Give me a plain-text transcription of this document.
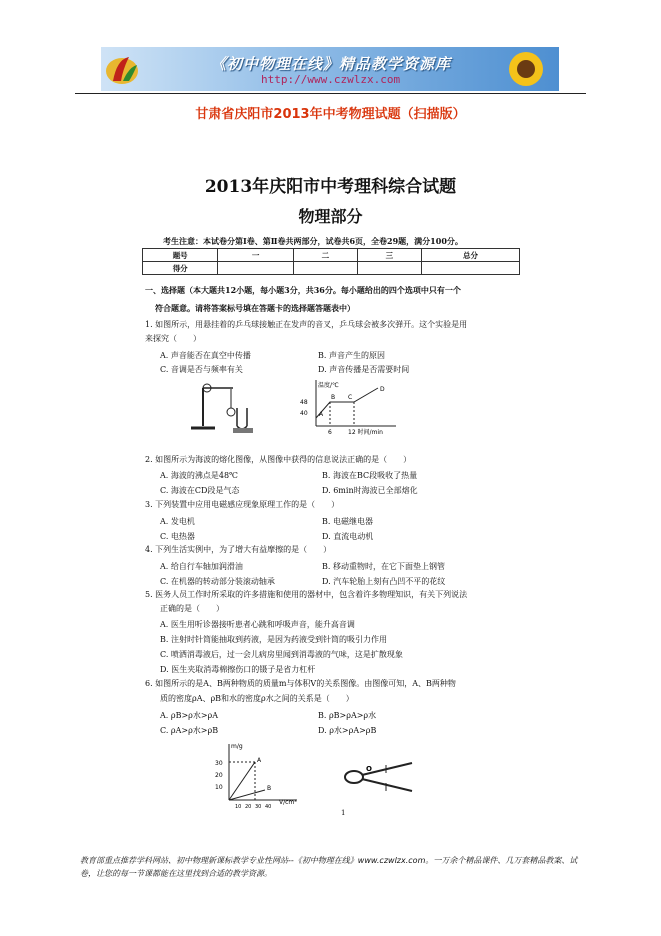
《初中物理在线》精品教学资源库
http://www.czwlzx.com
甘肃省庆阳市2013年中考物理试题（扫描版）
2013年庆阳市中考理科综合试题
物理部分
考生注意：本试卷分第Ⅰ卷、第Ⅱ卷共两部分，试卷共6页，全卷29题，满分100分。
题号	一	二	三	总分
得分				
一、选择题（本大题共12小题，每小题3分，共36分。每小题给出的四个选项中只有一个
符合题意。请将答案标号填在答题卡的选择题答题表中）
1. 如图所示，用悬挂着的乒乓球接触正在发声的音叉，乒乓球会被多次弹开。这个实验是用
来探究（　　）
A. 声音能否在真空中传播	B. 声音产生的原因
C. 音调是否与频率有关	D. 声音传播是否需要时间
温度/℃
48
40 A
B C
D
6	12 时间/min
2. 如图所示为海波的熔化图像，从图像中获得的信息说法正确的是（　　）
A. 海波的沸点是48℃	B. 海波在BC段吸收了热量
C. 海波在CD段是气态	D. 6min时海波已全部熔化
3. 下列装置中应用电磁感应现象原理工作的是（　　）
A. 发电机	B. 电磁继电器
C. 电热器	D. 直流电动机
4. 下列生活实例中，为了增大有益摩擦的是（　　）
A. 给自行车轴加润滑油	B. 移动重物时，在它下面垫上钢管
C. 在机器的转动部分装滚动轴承	D. 汽车轮胎上刻有凸凹不平的花纹
5. 医务人员工作时所采取的许多措施和使用的器材中，包含着许多物理知识，有关下列说法
正确的是（　　）
A. 医生用听诊器接听患者心跳和呼吸声音，能升高音调
B. 注射时针筒能抽取到药液，是因为药液受到针筒的吸引力作用
C. 喷洒消毒液后，过一会儿病房里闻到消毒液的气味，这是扩散现象
D. 医生夹取消毒棉擦伤口的镊子是省力杠杆
6. 如图所示的是A、B两种物质的质量m与体积V的关系图像。由图像可知，A、B两种物
质的密度ρA、ρB和水的密度ρ水之间的关系是（　　）
A. ρB>ρ水>ρA	B. ρB>ρA>ρ水
C. ρA>ρ水>ρB	D. ρ水>ρA>ρB
m/g
30
20
10
A
B
10 20 30 40
V/cm³
O
1
教育部重点推荐学科网站、初中物理新课标教学专业性网站--《初中物理在线》www.czwlzx.com。一万余个精品课件、几万套精品教案、试卷，让您的每一节课都能在这里找到合适的教学资源。
